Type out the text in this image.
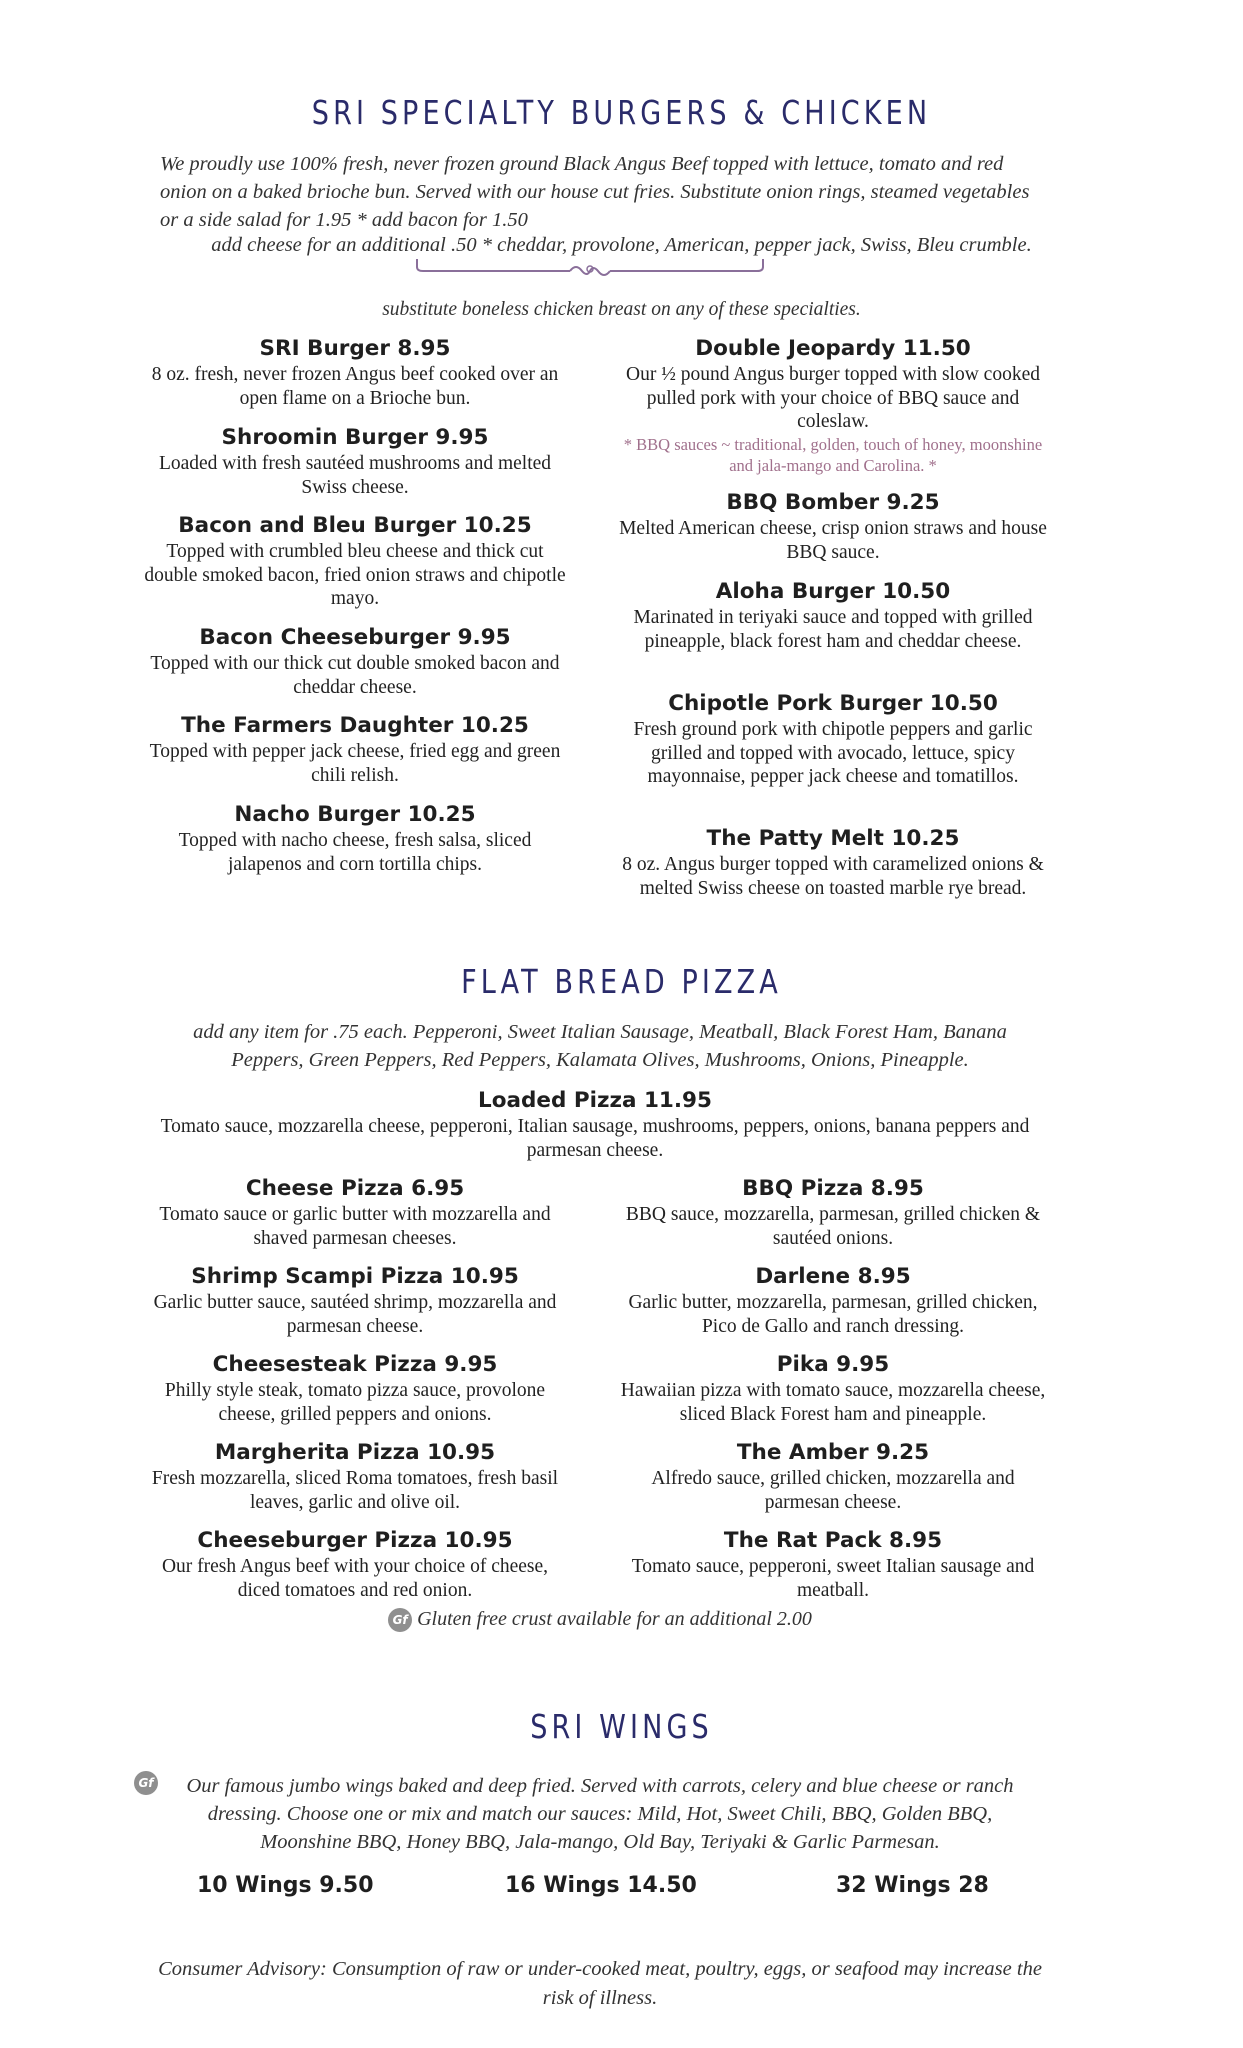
SRI SPECIALTY BURGERS & CHICKEN
We proudly use 100% fresh, never frozen ground Black Angus Beef topped with lettuce, tomato and red onion on a baked brioche bun. Served with our house cut fries. Substitute onion rings, steamed vegetables or a side salad for 1.95 * add bacon for 1.50
add cheese for an additional .50 * cheddar, provolone, American, pepper jack, Swiss, Bleu crumble.
substitute boneless chicken breast on any of these specialties.
SRI Burger 8.95
8 oz. fresh, never frozen Angus beef cooked over an open flame on a Brioche bun.
Shroomin Burger 9.95
Loaded with fresh sautéed mushrooms and melted Swiss cheese.
Bacon and Bleu Burger 10.25
Topped with crumbled bleu cheese and thick cut double smoked bacon, fried onion straws and chipotle mayo.
Bacon Cheeseburger 9.95
Topped with our thick cut double smoked bacon and cheddar cheese.
The Farmers Daughter 10.25
Topped with pepper jack cheese, fried egg and green chili relish.
Nacho Burger 10.25
Topped with nacho cheese, fresh salsa, sliced jalapenos and corn tortilla chips.
Double Jeopardy 11.50
Our ½ pound Angus burger topped with slow cooked pulled pork with your choice of BBQ sauce and coleslaw.
* BBQ sauces ~ traditional, golden, touch of honey, moonshine and jala-mango and Carolina. *
BBQ Bomber 9.25
Melted American cheese, crisp onion straws and house BBQ sauce.
Aloha Burger 10.50
Marinated in teriyaki sauce and topped with grilled pineapple, black forest ham and cheddar cheese.
Chipotle Pork Burger 10.50
Fresh ground pork with chipotle peppers and garlic grilled and topped with avocado, lettuce, spicy mayonnaise, pepper jack cheese and tomatillos.
The Patty Melt 10.25
8 oz. Angus burger topped with caramelized onions & melted Swiss cheese on toasted marble rye bread.
FLAT BREAD PIZZA
add any item for .75 each. Pepperoni, Sweet Italian Sausage, Meatball, Black Forest Ham, Banana Peppers, Green Peppers, Red Peppers, Kalamata Olives, Mushrooms, Onions, Pineapple.
Loaded Pizza 11.95
Tomato sauce, mozzarella cheese, pepperoni, Italian sausage, mushrooms, peppers, onions, banana peppers and parmesan cheese.
Cheese Pizza 6.95
Tomato sauce or garlic butter with mozzarella and shaved parmesan cheeses.
Shrimp Scampi Pizza 10.95
Garlic butter sauce, sautéed shrimp, mozzarella and parmesan cheese.
Cheesesteak Pizza 9.95
Philly style steak, tomato pizza sauce, provolone cheese, grilled peppers and onions.
Margherita Pizza 10.95
Fresh mozzarella, sliced Roma tomatoes, fresh basil leaves, garlic and olive oil.
Cheeseburger Pizza 10.95
Our fresh Angus beef with your choice of cheese, diced tomatoes and red onion.
BBQ Pizza 8.95
BBQ sauce, mozzarella, parmesan, grilled chicken & sautéed onions.
Darlene 8.95
Garlic butter, mozzarella, parmesan, grilled chicken, Pico de Gallo and ranch dressing.
Pika 9.95
Hawaiian pizza with tomato sauce, mozzarella cheese, sliced Black Forest ham and pineapple.
The Amber 9.25
Alfredo sauce, grilled chicken, mozzarella and parmesan cheese.
The Rat Pack 8.95
Tomato sauce, pepperoni, sweet Italian sausage and meatball.
Gf Gluten free crust available for an additional 2.00
SRI WINGS
Gf	Our famous jumbo wings baked and deep fried. Served with carrots, celery and blue cheese or ranch dressing. Choose one or mix and match our sauces: Mild, Hot, Sweet Chili, BBQ, Golden BBQ, Moonshine BBQ, Honey BBQ, Jala-mango, Old Bay, Teriyaki & Garlic Parmesan.
10 Wings 9.50	16 Wings 14.50	32 Wings 28
Consumer Advisory: Consumption of raw or under-cooked meat, poultry, eggs, or seafood may increase the risk of illness.
